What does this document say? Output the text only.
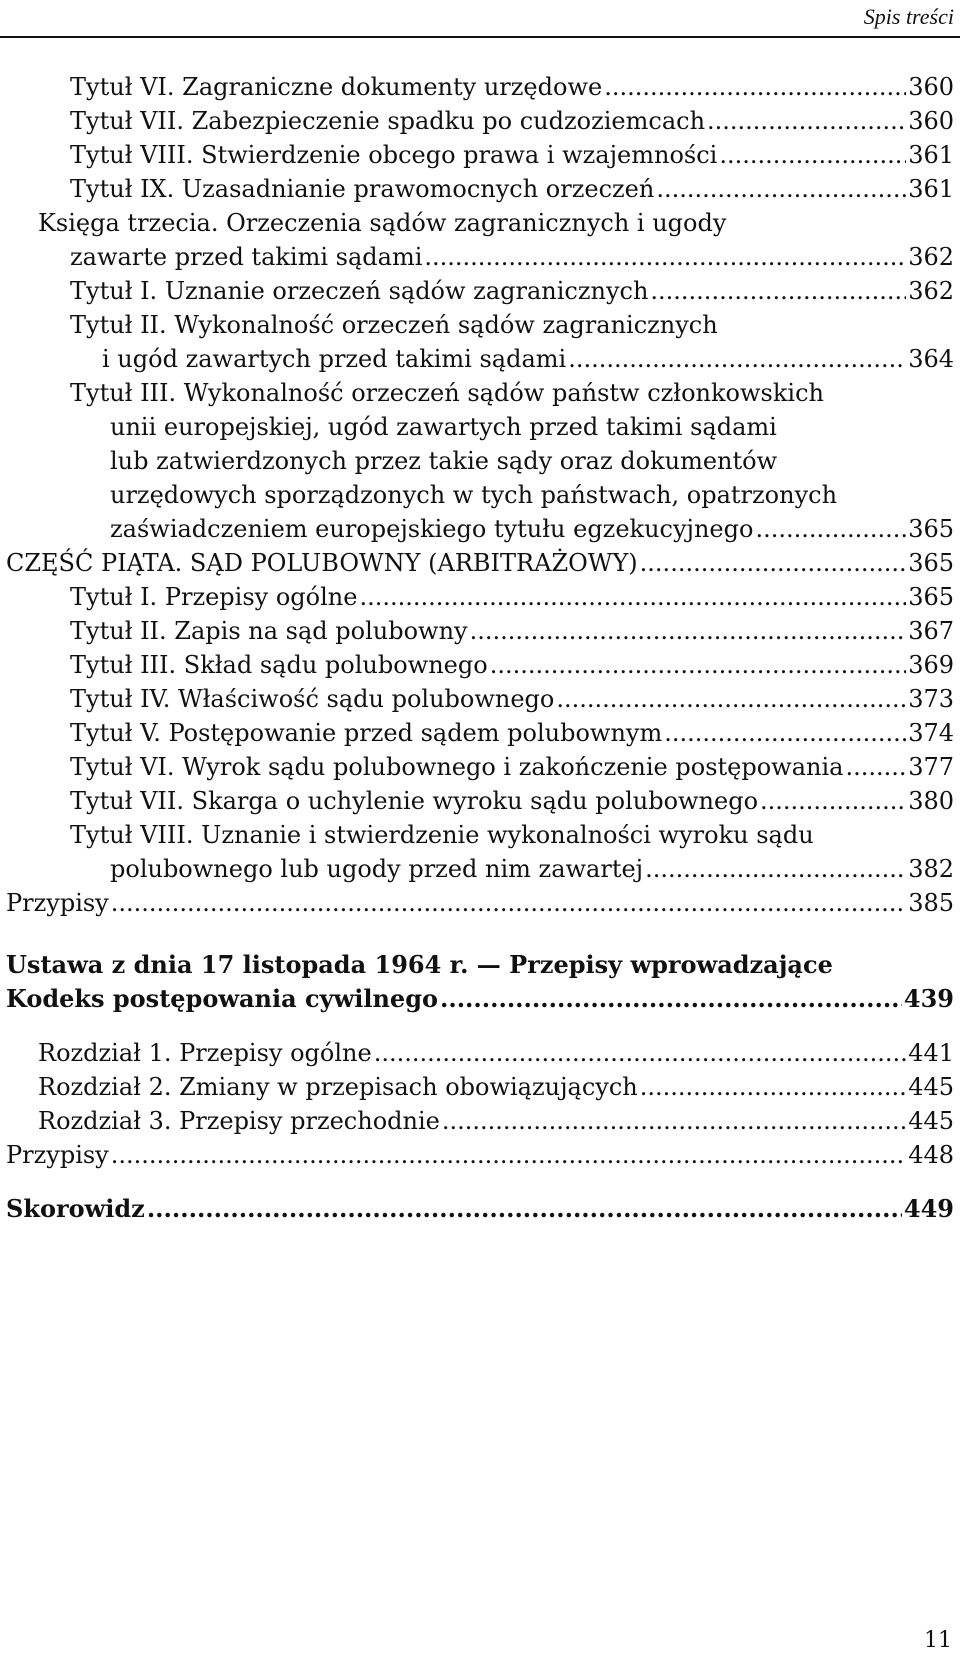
Spis treści
Tytuł VI. Zagraniczne dokumenty urzędowe .....	360
Tytuł VII. Zabezpieczenie spadku po cudzoziemcach .....	360
Tytuł VIII. Stwierdzenie obcego prawa i wzajemności .....	361
Tytuł IX. Uzasadnianie prawomocnych orzeczeń .....	361
Księga trzecia. Orzeczenia sądów zagranicznych i ugody
zawarte przed takimi sądami .....	362
Tytuł I. Uznanie orzeczeń sądów zagranicznych .....	362
Tytuł II. Wykonalność orzeczeń sądów zagranicznych
i ugód zawartych przed takimi sądami .....	364
Tytuł III. Wykonalność orzeczeń sądów państw członkowskich
unii europejskiej, ugód zawartych przed takimi sądami
lub zatwierdzonych przez takie sądy oraz dokumentów
urzędowych sporządzonych w tych państwach, opatrzonych
zaświadczeniem europejskiego tytułu egzekucyjnego .....	365
CZĘŚĆ PIĄTA. SĄD POLUBOWNY (ARBITRAŻOWY) .....	365
Tytuł I. Przepisy ogólne .....	365
Tytuł II. Zapis na sąd polubowny .....	367
Tytuł III. Skład sądu polubownego .....	369
Tytuł IV. Właściwość sądu polubownego .....	373
Tytuł V. Postępowanie przed sądem polubownym .....	374
Tytuł VI. Wyrok sądu polubownego i zakończenie postępowania .....	377
Tytuł VII. Skarga o uchylenie wyroku sądu polubownego .....	380
Tytuł VIII. Uznanie i stwierdzenie wykonalności wyroku sądu
polubownego lub ugody przed nim zawartej .....	382
Przypisy .....	385
Ustawa z dnia 17 listopada 1964 r. — Przepisy wprowadzające
Kodeks postępowania cywilnego .....	439
Rozdział 1. Przepisy ogólne .....	441
Rozdział 2. Zmiany w przepisach obowiązujących .....	445
Rozdział 3. Przepisy przechodnie .....	445
Przypisy .....	448
Skorowidz .....	449
11
